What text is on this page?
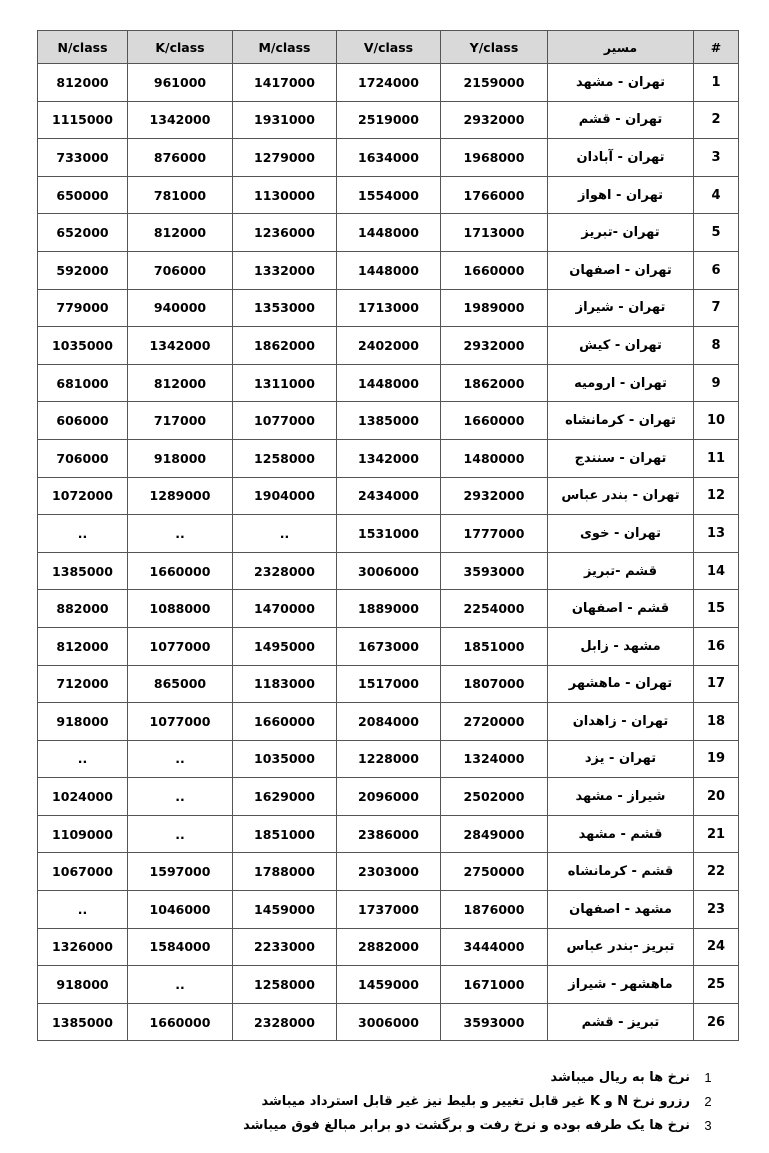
N/class	K/class	M/class	V/class	Y/class	مسیر	#
812000	961000	1417000	1724000	2159000	تهران - مشهد	1
1115000	1342000	1931000	2519000	2932000	تهران - قشم	2
733000	876000	1279000	1634000	1968000	تهران - آبادان	3
650000	781000	1130000	1554000	1766000	تهران - اهواز	4
652000	812000	1236000	1448000	1713000	تهران -تبریز	5
592000	706000	1332000	1448000	1660000	تهران - اصفهان	6
779000	940000	1353000	1713000	1989000	تهران - شیراز	7
1035000	1342000	1862000	2402000	2932000	تهران - کیش	8
681000	812000	1311000	1448000	1862000	تهران - ارومیه	9
606000	717000	1077000	1385000	1660000	تهران - کرمانشاه	10
706000	918000	1258000	1342000	1480000	تهران - سنندج	11
1072000	1289000	1904000	2434000	2932000	تهران - بندر عباس	12
..	..	..	1531000	1777000	تهران - خوی	13
1385000	1660000	2328000	3006000	3593000	قشم -تبریز	14
882000	1088000	1470000	1889000	2254000	قشم - اصفهان	15
812000	1077000	1495000	1673000	1851000	مشهد - زابل	16
712000	865000	1183000	1517000	1807000	تهران - ماهشهر	17
918000	1077000	1660000	2084000	2720000	تهران - زاهدان	18
..	..	1035000	1228000	1324000	تهران - یزد	19
1024000	..	1629000	2096000	2502000	شیراز - مشهد	20
1109000	..	1851000	2386000	2849000	قشم - مشهد	21
1067000	1597000	1788000	2303000	2750000	قشم - کرمانشاه	22
..	1046000	1459000	1737000	1876000	مشهد - اصفهان	23
1326000	1584000	2233000	2882000	3444000	تبریز -بندر عباس	24
918000	..	1258000	1459000	1671000	ماهشهر - شیراز	25
1385000	1660000	2328000	3006000	3593000	تبریز - قشم	26
1
نرخ ها به ریال میباشد
2
رزرو نرخ N و K غیر قابل تغییر و بلیط نیز غیر قابل استرداد میباشد
3
نرخ ها یک طرفه بوده و نرخ رفت و برگشت دو برابر مبالغ فوق میباشد
